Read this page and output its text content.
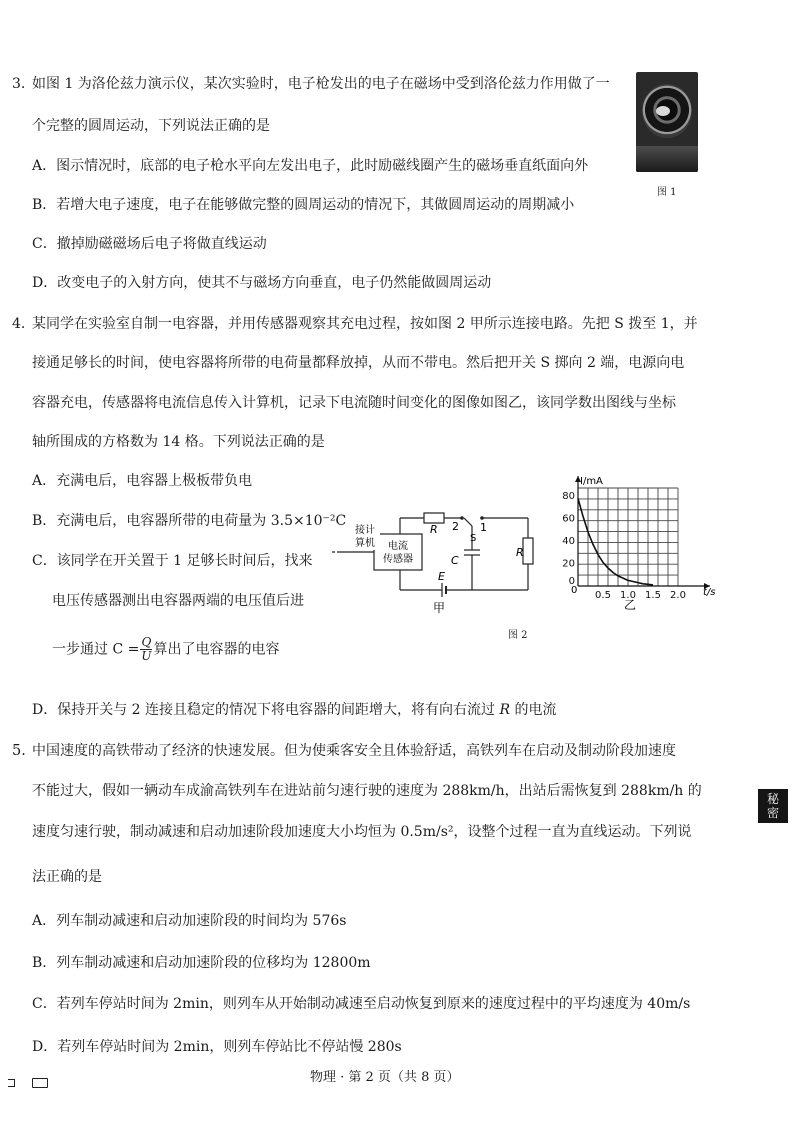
3. 如图 1 为洛伦兹力演示仪，某次实验时，电子枪发出的电子在磁场中受到洛伦兹力作用做了一
个完整的圆周运动，下列说法正确的是
A．图示情况时，底部的电子枪水平向左发出电子，此时励磁线圈产生的磁场垂直纸面向外
B．若增大电子速度，电子在能够做完整的圆周运动的情况下，其做圆周运动的周期减小
C．撤掉励磁磁场后电子将做直线运动
D．改变电子的入射方向，使其不与磁场方向垂直，电子仍然能做圆周运动
图 1
4. 某同学在实验室自制一电容器，并用传感器观察其充电过程，按如图 2 甲所示连接电路。先把 S 拨至 1，并
接通足够长的时间，使电容器将所带的电荷量都释放掉，从而不带电。然后把开关 S 掷向 2 端，电源向电
容器充电，传感器将电流信息传入计算机，记录下电流随时间变化的图像如图乙，该同学数出图线与坐标
轴所围成的方格数为 14 格。下列说法正确的是
A．充满电后，电容器上极板带负电
B．充满电后，电容器所带的电荷量为 3.5×10⁻²C
C．该同学在开关置于 1 足够长时间后，找来
电压传感器测出电容器两端的电压值后进
一步通过 $C = \frac{Q}{U}$ 算出了电容器的电容
D．保持开关与 2 连接且稳定的情况下将电容器的间距增大，将有向右流过 R 的电流
接计
算机 电流
传感器
R 2 1
S
C
R
E
甲
80
60
40
20
0
0.5 1.0 1.5 2.0
I/mA
t/s
0
乙
图 2
5. 中国速度的高铁带动了经济的快速发展。但为使乘客安全且体验舒适，高铁列车在启动及制动阶段加速度
不能过大，假如一辆动车成渝高铁列车在进站前匀速行驶的速度为 288km/h，出站后需恢复到 288km/h 的
速度匀速行驶，制动减速和启动加速阶段加速度大小均恒为 0.5m/s²，设整个过程一直为直线运动。下列说
法正确的是
A．列车制动减速和启动加速阶段的时间均为 576s
B．列车制动减速和启动加速阶段的位移均为 12800m
C．若列车停站时间为 2min，则列车从开始制动减速至启动恢复到原来的速度过程中的平均速度为 40m/s
D．若列车停站时间为 2min，则列车停站比不停站慢 280s
秘
密

物理 · 第 2 页（共 8 页）
